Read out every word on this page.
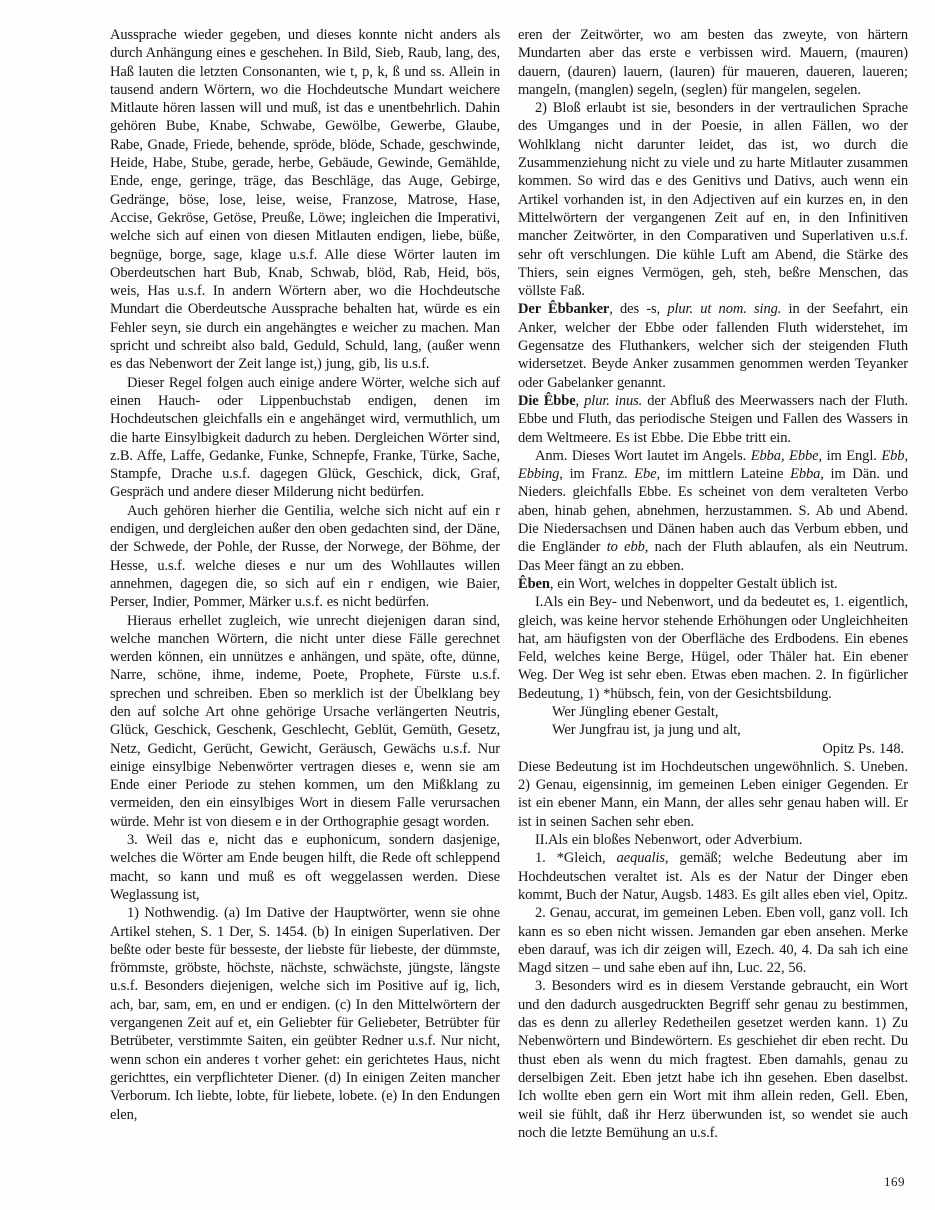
Aussprache wieder gegeben, und dieses konnte nicht anders als durch Anhängung eines e geschehen. In Bild, Sieb, Raub, lang, des, Haß lauten die letzten Consonanten, wie t, p, k, ß und ss. Allein in tausend andern Wörtern, wo die Hochdeutsche Mundart weichere Mitlaute hören lassen will und muß, ist das e unentbehrlich. Dahin gehören Bube, Knabe, Schwabe, Gewölbe, Gewerbe, Glaube, Rabe, Gnade, Friede, behende, spröde, blöde, Schade, geschwinde, Heide, Habe, Stube, gerade, herbe, Gebäude, Gewinde, Gemählde, Ende, enge, geringe, träge, das Beschläge, das Auge, Gebirge, Gedränge, böse, lose, leise, weise, Franzose, Matrose, Hase, Accise, Gekröse, Getöse, Preuße, Löwe; ingleichen die Imperativi, welche sich auf einen von diesen Mitlauten endigen, liebe, büße, begnüge, borge, sage, klage u.s.f. Alle diese Wörter lauten im Oberdeutschen hart Bub, Knab, Schwab, blöd, Rab, Heid, bös, weis, Has u.s.f. In andern Wörtern aber, wo die Hochdeutsche Mundart die Oberdeutsche Aussprache behalten hat, würde es ein Fehler seyn, sie durch ein angehängtes e weicher zu machen. Man spricht und schreibt also bald, Geduld, Schuld, lang, (außer wenn es das Nebenwort der Zeit lange ist,) jung, gib, lis u.s.f.

Dieser Regel folgen auch einige andere Wörter, welche sich auf einen Hauch- oder Lippenbuchstab endigen, denen im Hochdeutschen gleichfalls ein e angehänget wird, vermuthlich, um die harte Einsylbigkeit dadurch zu heben. Dergleichen Wörter sind, z.B. Affe, Laffe, Gedanke, Funke, Schnepfe, Franke, Türke, Sache, Stampfe, Drache u.s.f. dagegen Glück, Geschick, dick, Graf, Gespräch und andere dieser Milderung nicht bedürfen.

Auch gehören hierher die Gentilia, welche sich nicht auf ein r endigen, und dergleichen außer den oben gedachten sind, der Däne, der Schwede, der Pohle, der Russe, der Norwege, der Böhme, der Hesse, u.s.f. welche dieses e nur um des Wohllautes willen annehmen, dagegen die, so sich auf ein r endigen, wie Baier, Perser, Indier, Pommer, Märker u.s.f. es nicht bedürfen.

Hieraus erhellet zugleich, wie unrecht diejenigen daran sind, welche manchen Wörtern, die nicht unter diese Fälle gerechnet werden können, ein unnützes e anhängen, und späte, ofte, dünne, Narre, schöne, ihme, indeme, Poete, Prophete, Fürste u.s.f. sprechen und schreiben. Eben so merklich ist der Übelklang bey den auf solche Art ohne gehörige Ursache verlängerten Neutris, Glück, Geschick, Geschenk, Geschlecht, Geblüt, Gemüth, Gesetz, Netz, Gedicht, Gerücht, Gewicht, Geräusch, Gewächs u.s.f. Nur einige einsylbige Nebenwörter vertragen dieses e, wenn sie am Ende einer Periode zu stehen kommen, um den Mißklang zu vermeiden, den ein einsylbiges Wort in diesem Falle verursachen würde. Mehr ist von diesem e in der Orthographie gesagt worden.

3. Weil das e, nicht das e euphonicum, sondern dasjenige, welches die Wörter am Ende beugen hilft, die Rede oft schleppend macht, so kann und muß es oft weggelassen werden. Diese Weglassung ist,

1) Nothwendig. (a) Im Dative der Hauptwörter, wenn sie ohne Artikel stehen, S. 1 Der, S. 1454. (b) In einigen Superlativen. Der beßte oder beste für besseste, der liebste für liebeste, der dümmste, frömmste, gröbste, höchste, nächste, schwächste, jüngste, längste u.s.f. Besonders diejenigen, welche sich im Positive auf ig, lich, ach, bar, sam, em, en und er endigen. (c) In den Mittelwörtern der vergangenen Zeit auf et, ein Geliebter für Geliebeter, Betrübter für Betrübeter, verstimmte Saiten, ein geübter Redner u.s.f. Nur nicht, wenn schon ein anderes t vorher gehet: ein gerichtetes Haus, nicht gerichttes, ein verpflichteter Diener. (d) In einigen Zeiten mancher Verborum. Ich liebte, lobte, für liebete, lobete. (e) In den Endungen elen,

eren der Zeitwörter, wo am besten das zweyte, von härtern Mundarten aber das erste e verbissen wird. Mauern, (mauren) dauern, (dauren) lauern, (lauren) für maueren, daueren, laueren; mangeln, (manglen) segeln, (seglen) für mangelen, segelen.

2) Bloß erlaubt ist sie, besonders in der vertraulichen Sprache des Umganges und in der Poesie, in allen Fällen, wo der Wohlklang nicht darunter leidet, das ist, wo durch die Zusammenziehung nicht zu viele und zu harte Mitlauter zusammen kommen. So wird das e des Genitivs und Dativs, auch wenn ein Artikel vorhanden ist, in den Adjectiven auf ein kurzes en, in den Mittelwörtern der vergangenen Zeit auf en, in den Infinitiven mancher Zeitwörter, in den Comparativen und Superlativen u.s.f. sehr oft verschlungen. Die kühle Luft am Abend, die Stärke des Thiers, sein eignes Vermögen, geh, steh, beßre Menschen, das völlste Faß.

Der Êbbanker, des -s, plur. ut nom. sing. in der Seefahrt, ein Anker, welcher der Ebbe oder fallenden Fluth widerstehet, im Gegensatze des Fluthankers, welcher sich der steigenden Fluth widersetzet. Beyde Anker zusammen genommen werden Teyanker oder Gabelanker genannt.

Die Êbbe, plur. inus. der Abfluß des Meerwassers nach der Fluth. Ebbe und Fluth, das periodische Steigen und Fallen des Wassers in dem Weltmeere. Es ist Ebbe. Die Ebbe tritt ein.

Anm. Dieses Wort lautet im Angels. Ebba, Ebbe, im Engl. Ebb, Ebbing, im Franz. Ebe, im mittlern Lateine Ebba, im Dän. und Nieders. gleichfalls Ebbe. Es scheinet von dem veralteten Verbo aben, hinab gehen, abnehmen, herzustammen. S. Ab und Abend. Die Niedersachsen und Dänen haben auch das Verbum ebben, und die Engländer to ebb, nach der Fluth ablaufen, als ein Neutrum. Das Meer fängt an zu ebben.

Êben, ein Wort, welches in doppelter Gestalt üblich ist.

I.Als ein Bey- und Nebenwort, und da bedeutet es, 1. eigentlich, gleich, was keine hervor stehende Erhöhungen oder Ungleichheiten hat, am häufigsten von der Oberfläche des Erdbodens. Ein ebenes Feld, welches keine Berge, Hügel, oder Thäler hat. Ein ebener Weg. Der Weg ist sehr eben. Etwas eben machen. 2. In figürlicher Bedeutung, 1) *hübsch, fein, von der Gesichtsbildung.

Wer Jüngling ebener Gestalt,

Wer Jungfrau ist, ja jung und alt,

Opitz Ps. 148.

Diese Bedeutung ist im Hochdeutschen ungewöhnlich. S. Uneben. 2) Genau, eigensinnig, im gemeinen Leben einiger Gegenden. Er ist ein ebener Mann, ein Mann, der alles sehr genau haben will. Er ist in seinen Sachen sehr eben.

II.Als ein bloßes Nebenwort, oder Adverbium.

1. *Gleich, aequalis, gemäß; welche Bedeutung aber im Hochdeutschen veraltet ist. Als es der Natur der Dinger eben kommt, Buch der Natur, Augsb. 1483. Es gilt alles eben viel, Opitz.

2. Genau, accurat, im gemeinen Leben. Eben voll, ganz voll. Ich kann es so eben nicht wissen. Jemanden gar eben ansehen. Merke eben darauf, was ich dir zeigen will, Ezech. 40, 4. Da sah ich eine Magd sitzen – und sahe eben auf ihn, Luc. 22, 56.

3. Besonders wird es in diesem Verstande gebraucht, ein Wort und den dadurch ausgedruckten Begriff sehr genau zu bestimmen, das es denn zu allerley Redetheilen gesetzet werden kann. 1) Zu Nebenwörtern und Bindewörtern. Es geschiehet dir eben recht. Du thust eben als wenn du mich fragtest. Eben damahls, genau zu derselbigen Zeit. Eben jetzt habe ich ihn gesehen. Eben daselbst. Ich wollte eben gern ein Wort mit ihm allein reden, Gell. Eben, weil sie fühlt, daß ihr Herz überwunden ist, so wendet sie auch noch die letzte Bemühung an u.s.f.

169
